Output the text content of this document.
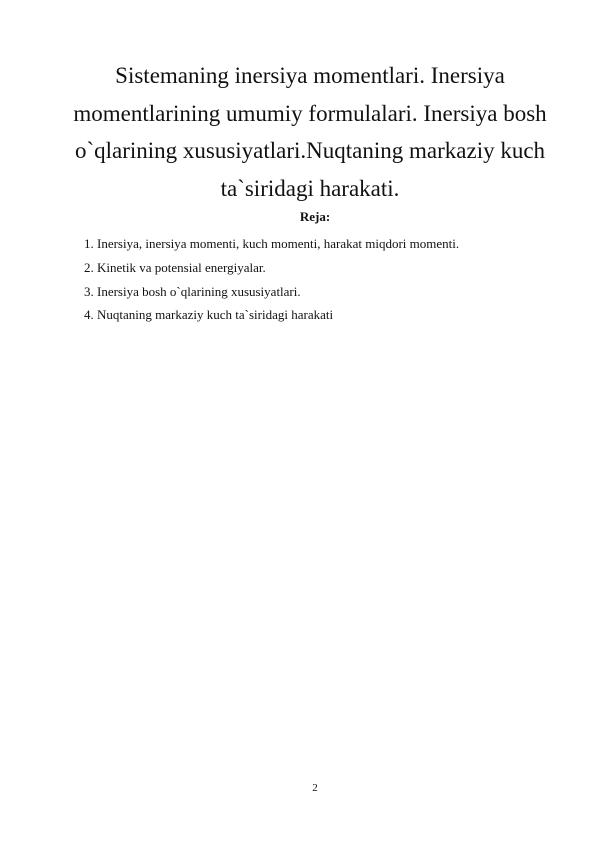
Sistemaning inersiya momentlari. Inersiya momentlarining umumiy formulalari. Inersiya bosh o`qlarining xususiyatlari.Nuqtaning markaziy kuch ta`siridagi harakati.
Reja:
1. Inersiya, inersiya momenti, kuch momenti, harakat miqdori momenti.
2. Kinetik va potensial energiyalar.
3. Inersiya bosh o`qlarining xususiyatlari.
4. Nuqtaning markaziy kuch ta`siridagi harakati
2
